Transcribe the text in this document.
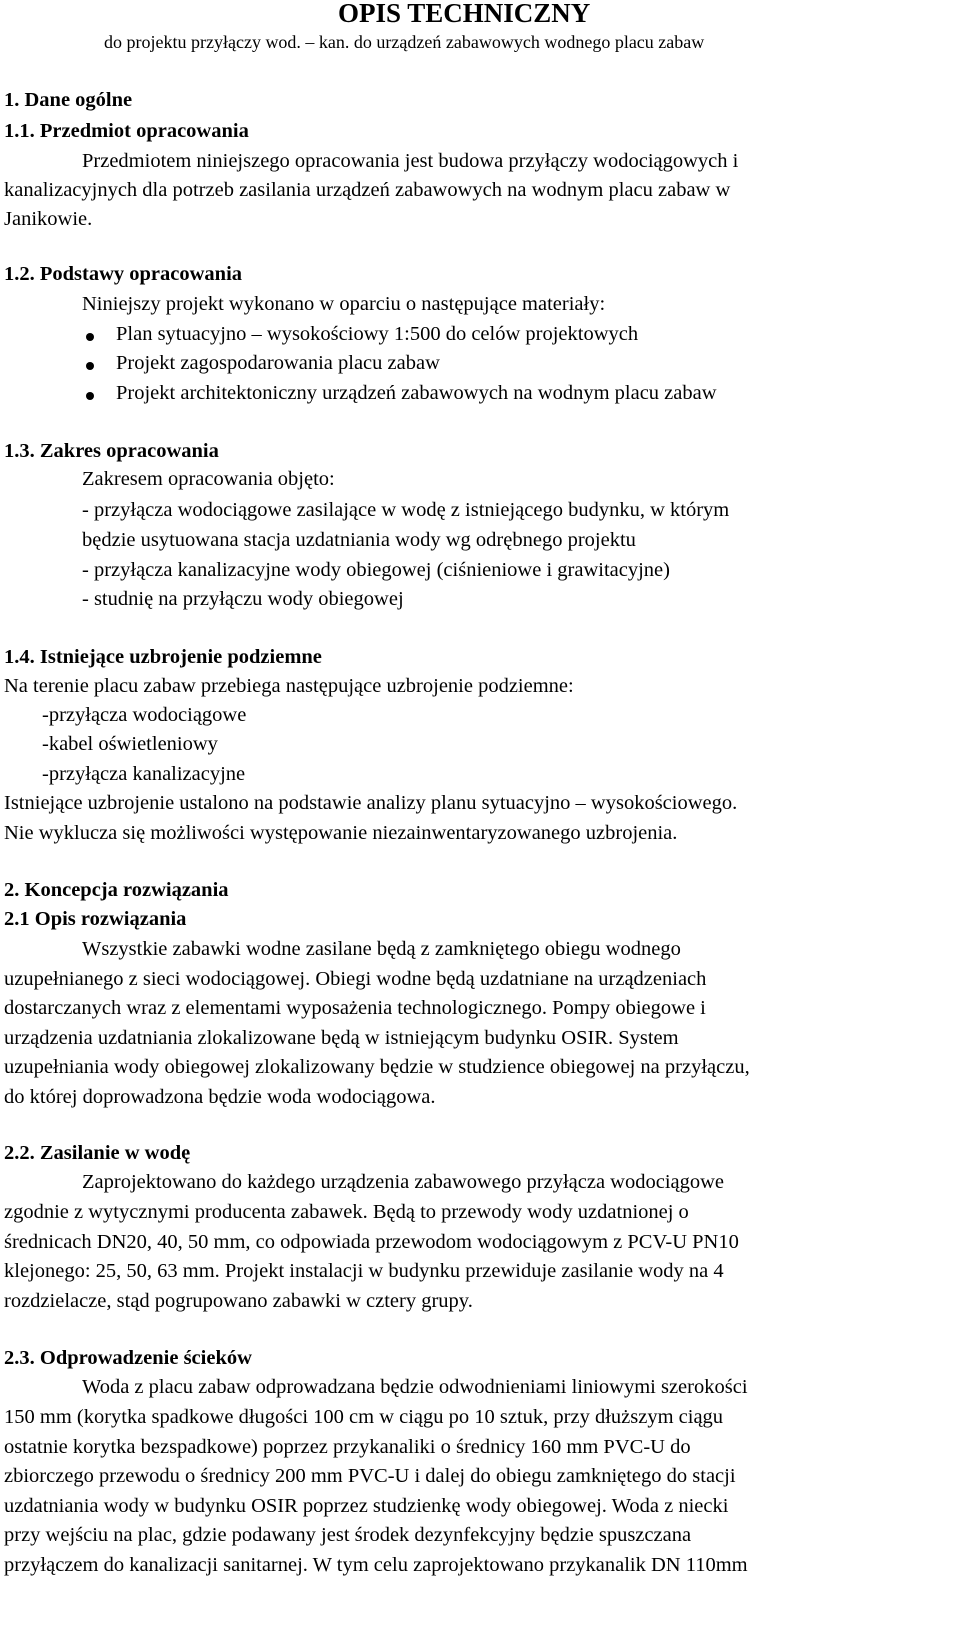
OPIS TECHNICZNY
do projektu przyłączy wod. – kan. do urządzeń zabawowych wodnego placu zabaw
1. Dane ogólne
1.1. Przedmiot opracowania
Przedmiotem niniejszego opracowania jest budowa przyłączy wodociągowych i
kanalizacyjnych dla potrzeb zasilania urządzeń zabawowych na wodnym placu zabaw w
Janikowie.
1.2. Podstawy opracowania
Niniejszy projekt wykonano w oparciu o następujące materiały:
Plan sytuacyjno – wysokościowy 1:500 do celów projektowych
Projekt zagospodarowania placu zabaw
Projekt architektoniczny urządzeń zabawowych na wodnym placu zabaw
1.3. Zakres opracowania
Zakresem opracowania objęto:
- przyłącza wodociągowe zasilające w wodę z istniejącego budynku, w którym
będzie usytuowana stacja uzdatniania wody wg odrębnego projektu
- przyłącza kanalizacyjne wody obiegowej (ciśnieniowe i grawitacyjne)
- studnię na przyłączu wody obiegowej
1.4. Istniejące uzbrojenie podziemne
Na terenie placu zabaw przebiega następujące uzbrojenie podziemne:
-przyłącza wodociągowe
-kabel oświetleniowy
-przyłącza kanalizacyjne
Istniejące uzbrojenie ustalono na podstawie analizy planu sytuacyjno – wysokościowego.
Nie wyklucza się możliwości występowanie niezainwentaryzowanego uzbrojenia.
2. Koncepcja rozwiązania
2.1 Opis rozwiązania
Wszystkie zabawki wodne zasilane będą z zamkniętego obiegu wodnego
uzupełnianego z sieci wodociągowej. Obiegi wodne będą uzdatniane na urządzeniach
dostarczanych wraz z elementami wyposażenia technologicznego. Pompy obiegowe i
urządzenia uzdatniania zlokalizowane będą w istniejącym budynku OSIR. System
uzupełniania wody obiegowej zlokalizowany będzie w studzience obiegowej na przyłączu,
do której doprowadzona będzie woda wodociągowa.
2.2. Zasilanie w wodę
Zaprojektowano do każdego urządzenia zabawowego przyłącza wodociągowe
zgodnie z wytycznymi producenta zabawek. Będą to przewody wody uzdatnionej o
średnicach DN20, 40, 50 mm, co odpowiada przewodom wodociągowym z PCV-U PN10
klejonego: 25, 50, 63 mm. Projekt instalacji w budynku przewiduje zasilanie wody na 4
rozdzielacze, stąd pogrupowano zabawki w cztery grupy.
2.3. Odprowadzenie ścieków
Woda z placu zabaw odprowadzana będzie odwodnieniami liniowymi szerokości
150 mm (korytka spadkowe długości 100 cm w ciągu po 10 sztuk, przy dłuższym ciągu
ostatnie korytka bezspadkowe) poprzez przykanaliki o średnicy 160 mm PVC-U do
zbiorczego przewodu o średnicy 200 mm PVC-U i dalej do obiegu zamkniętego do stacji
uzdatniania wody w budynku OSIR poprzez studzienkę wody obiegowej. Woda z niecki
przy wejściu na plac, gdzie podawany jest środek dezynfekcyjny będzie spuszczana
przyłączem do kanalizacji sanitarnej. W tym celu zaprojektowano przykanalik DN 110mm
